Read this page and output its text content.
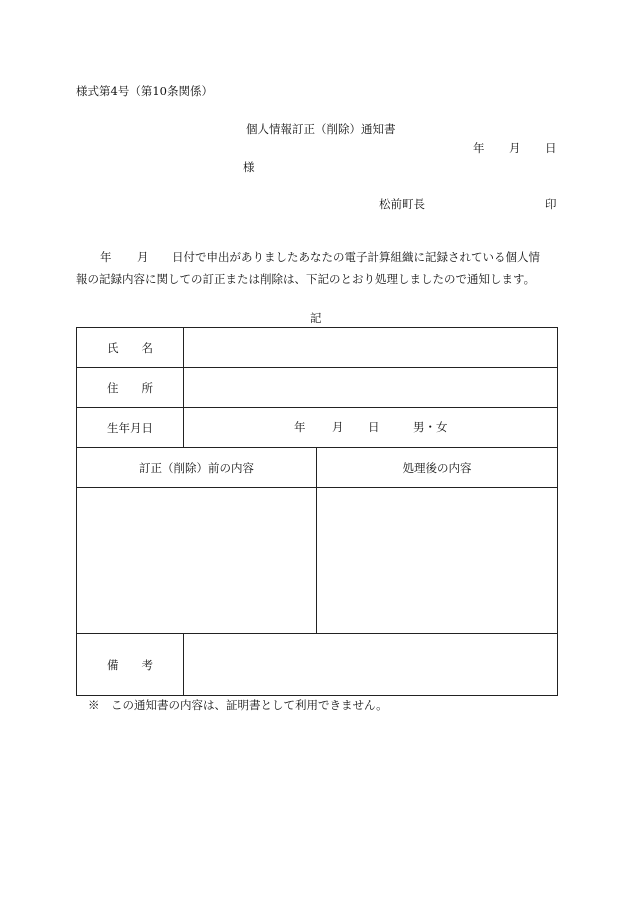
様式第4号（第10条関係）
個人情報訂正（削除）通知書
年 月 日
様
松前町長	印
年 月 日付で申出がありましたあなたの電子計算組織に記録されている個人情
報の記録内容に関しての訂正または削除は、下記のとおり処理しましたので通知します。
記
氏　　名		
住　　所		
生年月日	年 月 日 男・女	

訂正（削除）前の内容		処理後の内容

備　　考		
※　この通知書の内容は、証明書として利用できません。
